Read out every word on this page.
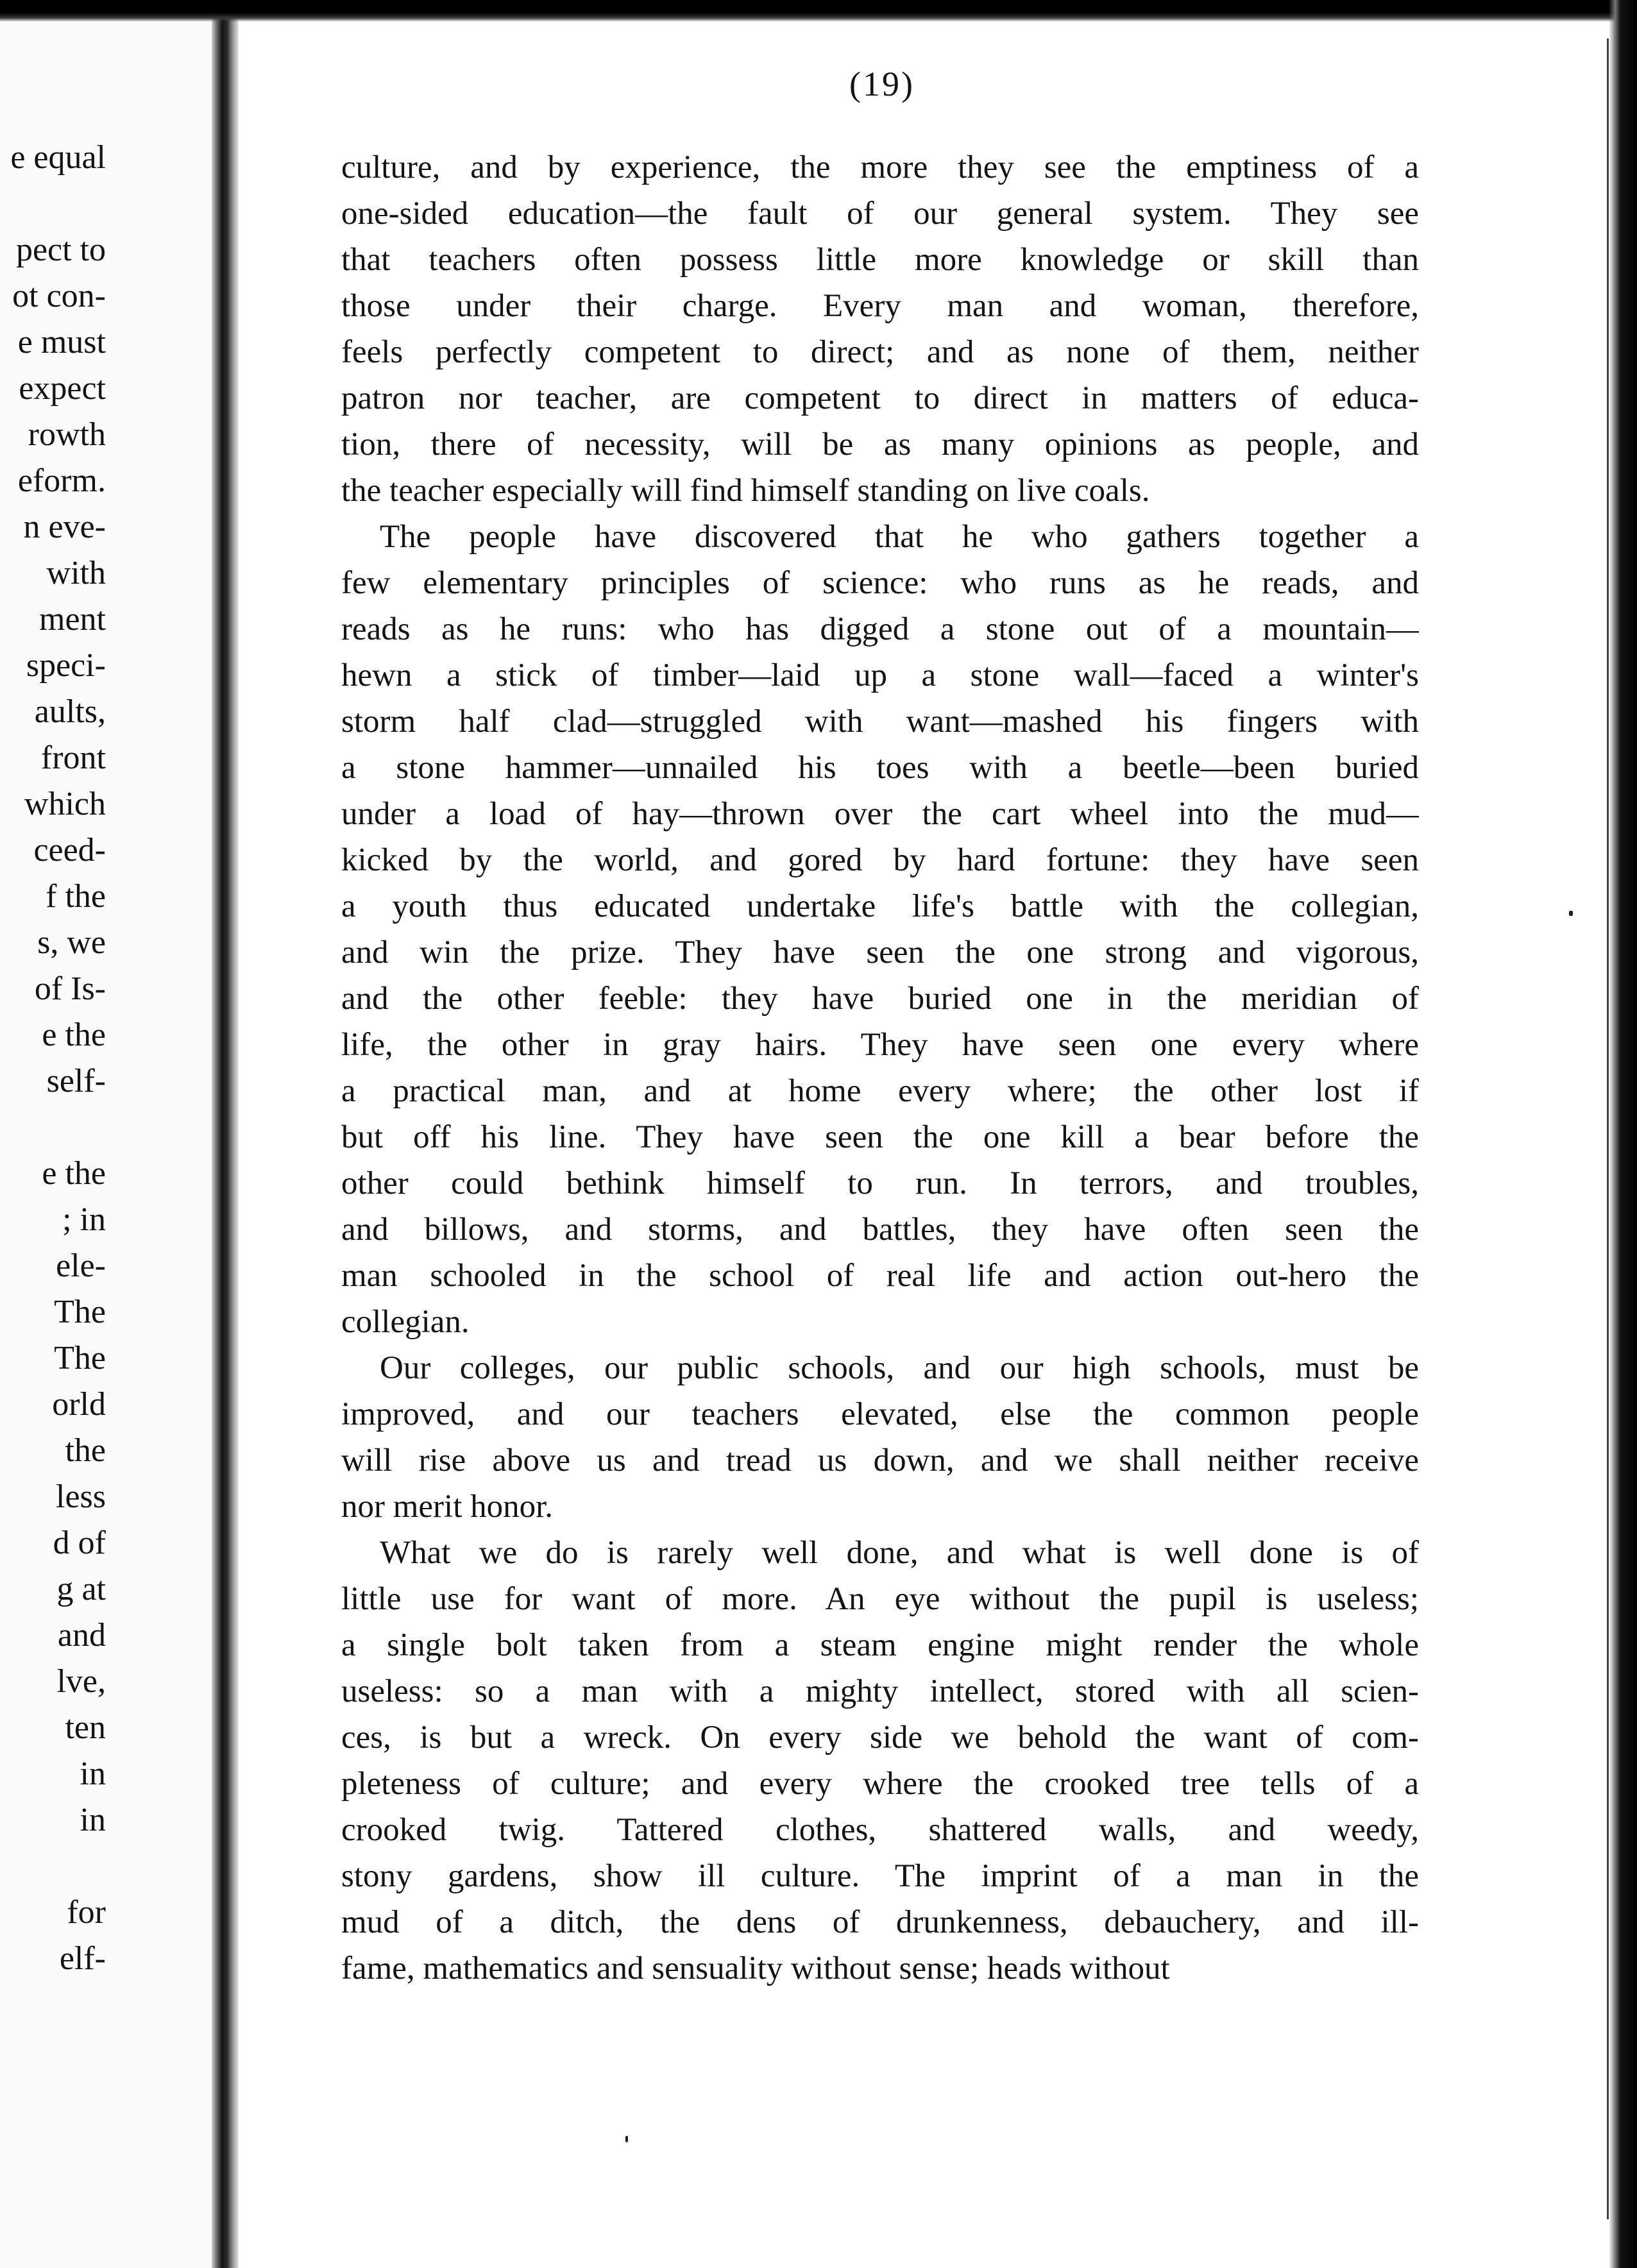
e equal
pect to
ot con-
e must
expect
rowth
eform.
n eve-
with
ment
speci-
aults,
front
which
ceed-
f the
s, we
of Is-
e the
self-
e the
; in
ele-
The
The
orld
the
less
d of
g at
and
lve,
ten
in
in
for
elf-
(19)
culture, and by experience, the more they see the emptiness of a
one-sided education—the fault of our general system. They see
that teachers often possess little more knowledge or skill than
those under their charge. Every man and woman, therefore,
feels perfectly competent to direct; and as none of them, neither
patron nor teacher, are competent to direct in matters of educa-
tion, there of necessity, will be as many opinions as people, and
the teacher especially will find himself standing on live coals.
The people have discovered that he who gathers together a
few elementary principles of science: who runs as he reads, and
reads as he runs: who has digged a stone out of a mountain—
hewn a stick of timber—laid up a stone wall—faced a winter's
storm half clad—struggled with want—mashed his fingers with
a stone hammer—unnailed his toes with a beetle—been buried
under a load of hay—thrown over the cart wheel into the mud—
kicked by the world, and gored by hard fortune: they have seen
a youth thus educated undertake life's battle with the collegian,
and win the prize. They have seen the one strong and vigorous,
and the other feeble: they have buried one in the meridian of
life, the other in gray hairs. They have seen one every where
a practical man, and at home every where; the other lost if
but off his line. They have seen the one kill a bear before the
other could bethink himself to run. In terrors, and troubles,
and billows, and storms, and battles, they have often seen the
man schooled in the school of real life and action out-hero the
collegian.
Our colleges, our public schools, and our high schools, must be
improved, and our teachers elevated, else the common people
will rise above us and tread us down, and we shall neither receive
nor merit honor.
What we do is rarely well done, and what is well done is of
little use for want of more. An eye without the pupil is useless;
a single bolt taken from a steam engine might render the whole
useless: so a man with a mighty intellect, stored with all scien-
ces, is but a wreck. On every side we behold the want of com-
pleteness of culture; and every where the crooked tree tells of a
crooked twig. Tattered clothes, shattered walls, and weedy,
stony gardens, show ill culture. The imprint of a man in the
mud of a ditch, the dens of drunkenness, debauchery, and ill-
fame, mathematics and sensuality without sense; heads without
